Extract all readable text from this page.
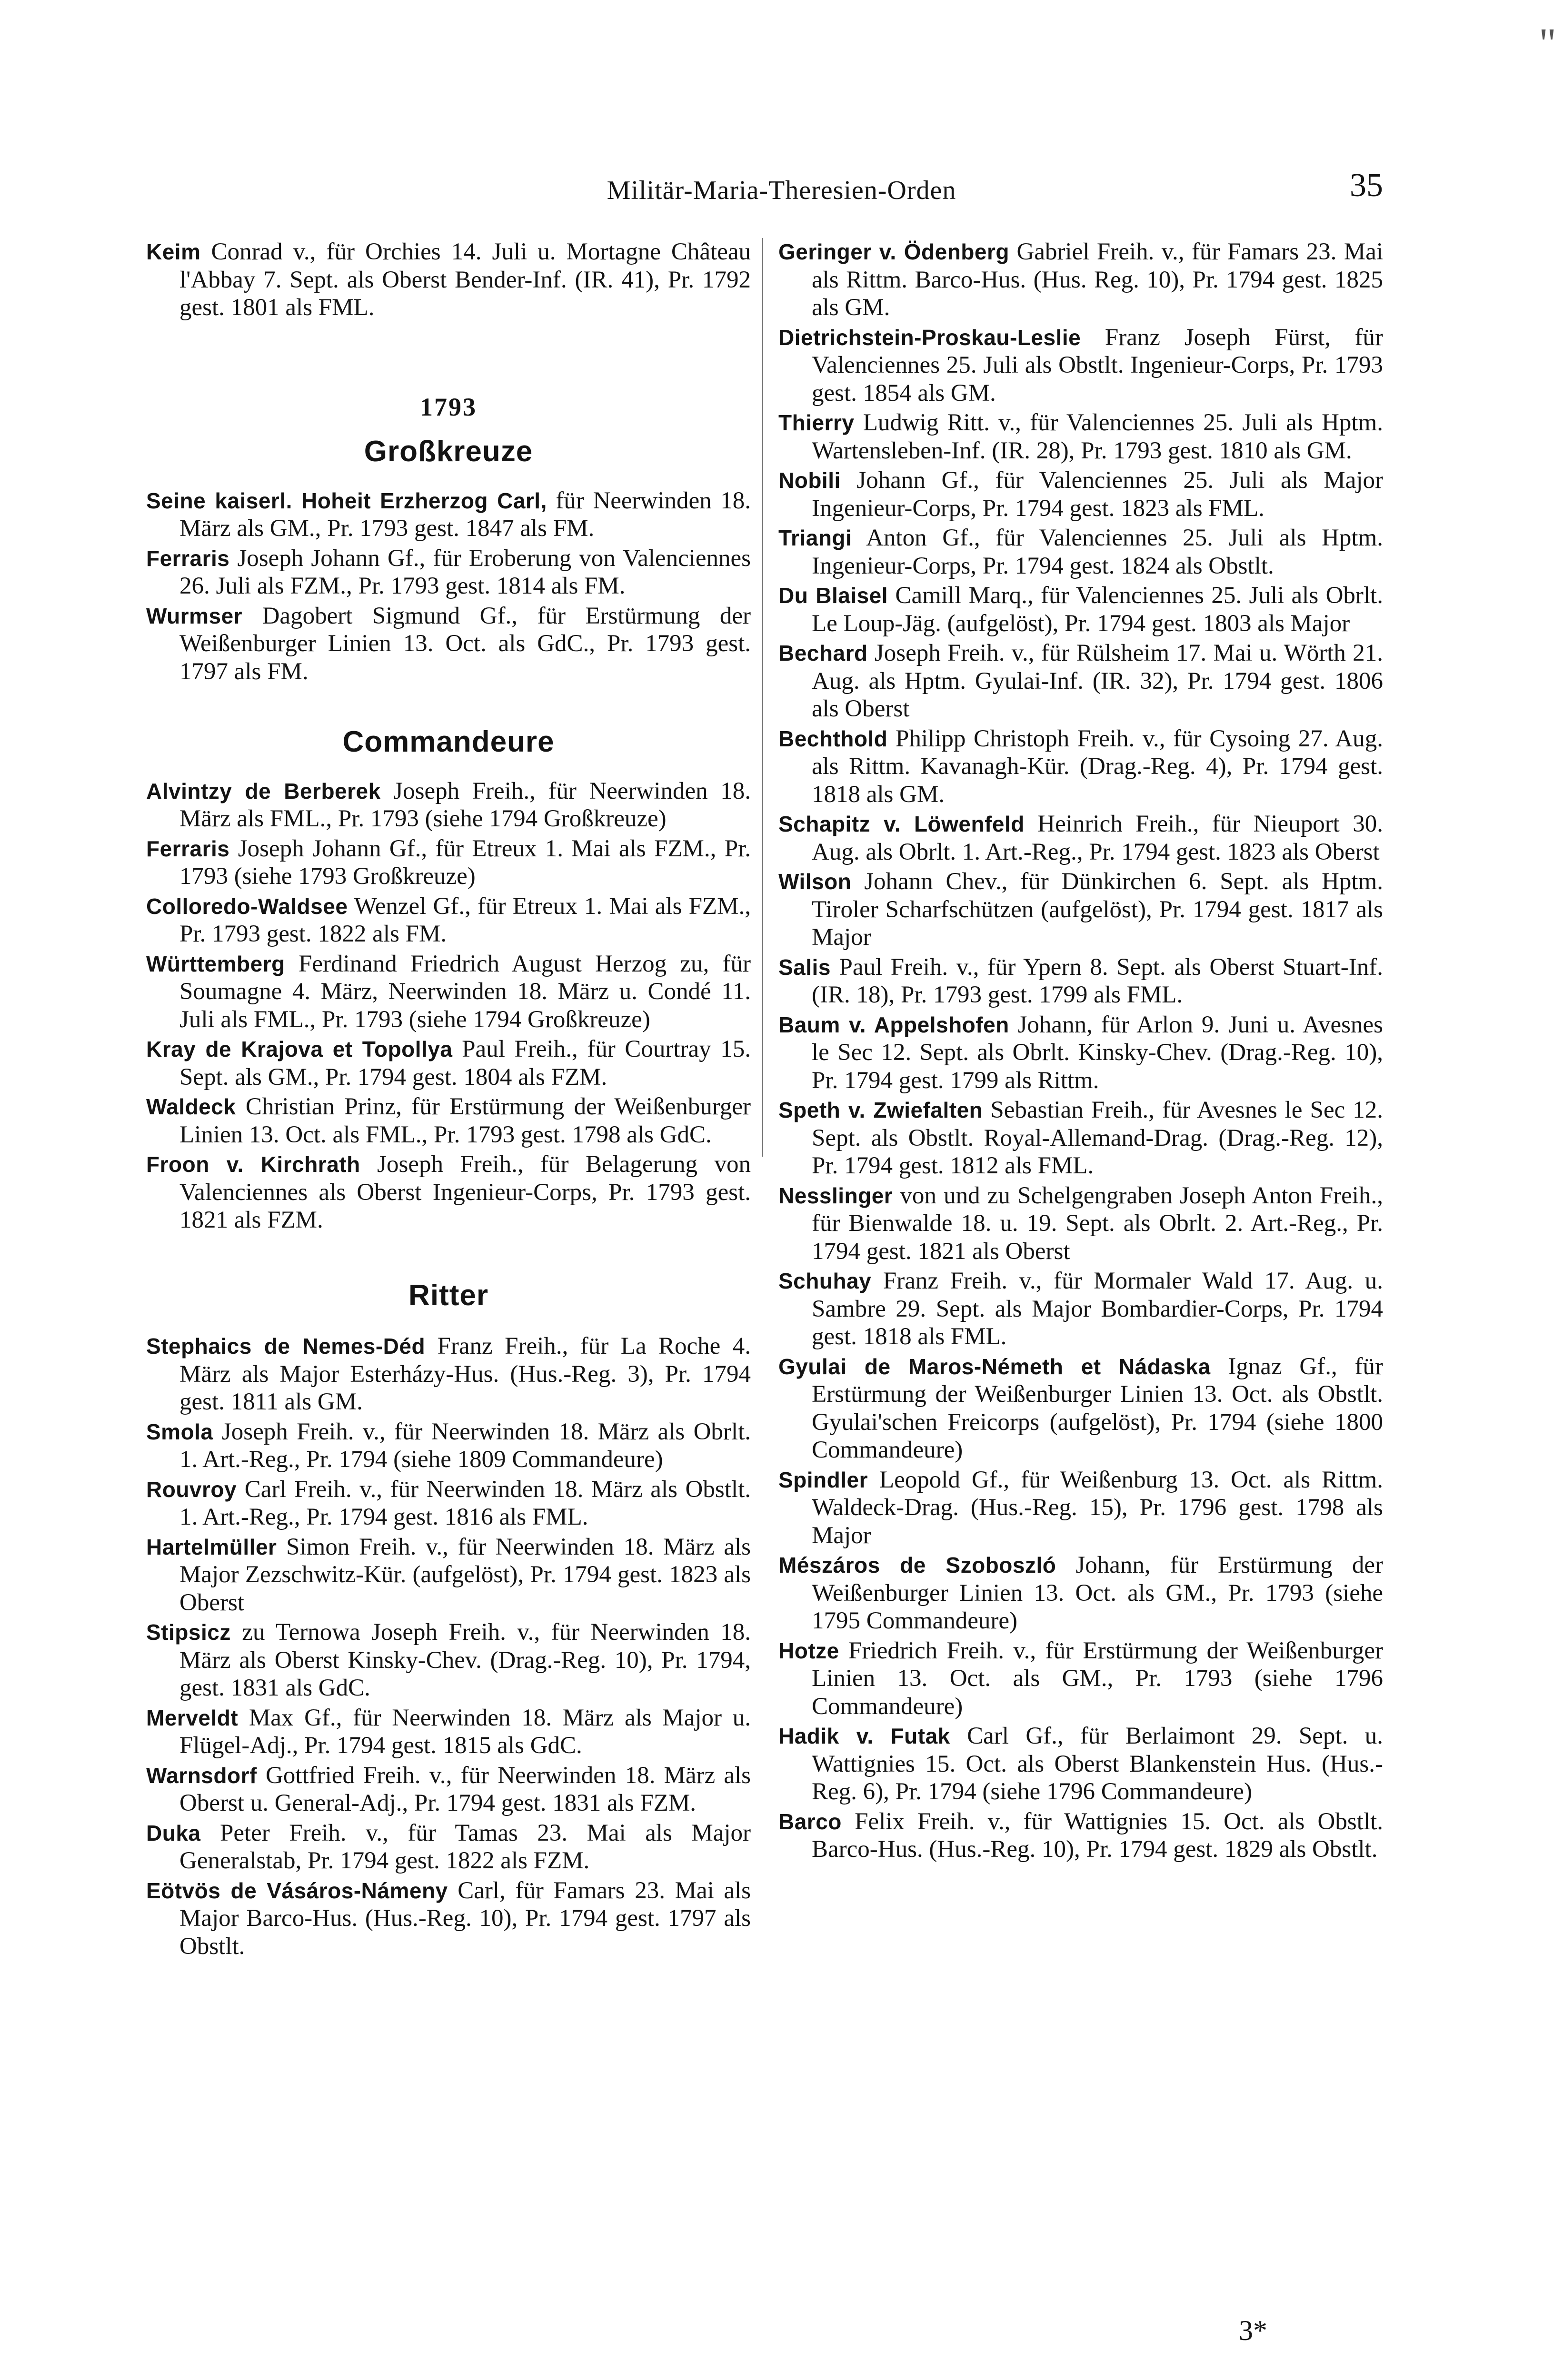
Militär-Maria-Theresien-Orden	35
"

Keim Conrad v., für Orchies 14. Juli u. Mortagne Château l'Abbay 7. Sept. als Oberst Bender-Inf. (IR. 41), Pr. 1792 gest. 1801 als FML.

1793
Großkreuze

Seine kaiserl. Hoheit Erzherzog Carl, für Neerwinden 18. März als GM., Pr. 1793 gest. 1847 als FM.

Ferraris Joseph Johann Gf., für Eroberung von Valenciennes 26. Juli als FZM., Pr. 1793 gest. 1814 als FM.

Wurmser Dagobert Sigmund Gf., für Erstürmung der Weißenburger Linien 13. Oct. als GdC., Pr. 1793 gest. 1797 als FM.

Commandeure

Alvintzy de Berberek Joseph Freih., für Neerwinden 18. März als FML., Pr. 1793 (siehe 1794 Großkreuze)

Ferraris Joseph Johann Gf., für Etreux 1. Mai als FZM., Pr. 1793 (siehe 1793 Großkreuze)

Colloredo-Waldsee Wenzel Gf., für Etreux 1. Mai als FZM., Pr. 1793 gest. 1822 als FM.

Württemberg Ferdinand Friedrich August Herzog zu, für Soumagne 4. März, Neerwinden 18. März u. Condé 11. Juli als FML., Pr. 1793 (siehe 1794 Großkreuze)

Kray de Krajova et Topollya Paul Freih., für Courtray 15. Sept. als GM., Pr. 1794 gest. 1804 als FZM.

Waldeck Christian Prinz, für Erstürmung der Weißenburger Linien 13. Oct. als FML., Pr. 1793 gest. 1798 als GdC.

Froon v. Kirchrath Joseph Freih., für Belagerung von Valenciennes als Oberst Ingenieur-Corps, Pr. 1793 gest. 1821 als FZM.

Ritter

Stephaics de Nemes-Déd Franz Freih., für La Roche 4. März als Major Esterházy-Hus. (Hus.-Reg. 3), Pr. 1794 gest. 1811 als GM.

Smola Joseph Freih. v., für Neerwinden 18. März als Obrlt. 1. Art.-Reg., Pr. 1794 (siehe 1809 Commandeure)

Rouvroy Carl Freih. v., für Neerwinden 18. März als Obstlt. 1. Art.-Reg., Pr. 1794 gest. 1816 als FML.

Hartelmüller Simon Freih. v., für Neerwinden 18. März als Major Zezschwitz-Kür. (aufgelöst), Pr. 1794 gest. 1823 als Oberst

Stipsicz zu Ternowa Joseph Freih. v., für Neerwinden 18. März als Oberst Kinsky-Chev. (Drag.-Reg. 10), Pr. 1794, gest. 1831 als GdC.

Merveldt Max Gf., für Neerwinden 18. März als Major u. Flügel-Adj., Pr. 1794 gest. 1815 als GdC.

Warnsdorf Gottfried Freih. v., für Neerwinden 18. März als Oberst u. General-Adj., Pr. 1794 gest. 1831 als FZM.

Duka Peter Freih. v., für Tamas 23. Mai als Major Generalstab, Pr. 1794 gest. 1822 als FZM.

Eötvös de Vásáros-Námeny Carl, für Famars 23. Mai als Major Barco-Hus. (Hus.-Reg. 10), Pr. 1794 gest. 1797 als Obstlt.

Geringer v. Ödenberg Gabriel Freih. v., für Famars 23. Mai als Rittm. Barco-Hus. (Hus. Reg. 10), Pr. 1794 gest. 1825 als GM.

Dietrichstein-Proskau-Leslie Franz Joseph Fürst, für Valenciennes 25. Juli als Obstlt. Ingenieur-Corps, Pr. 1793 gest. 1854 als GM.

Thierry Ludwig Ritt. v., für Valenciennes 25. Juli als Hptm. Wartensleben-Inf. (IR. 28), Pr. 1793 gest. 1810 als GM.

Nobili Johann Gf., für Valenciennes 25. Juli als Major Ingenieur-Corps, Pr. 1794 gest. 1823 als FML.

Triangi Anton Gf., für Valenciennes 25. Juli als Hptm. Ingenieur-Corps, Pr. 1794 gest. 1824 als Obstlt.

Du Blaisel Camill Marq., für Valenciennes 25. Juli als Obrlt. Le Loup-Jäg. (aufgelöst), Pr. 1794 gest. 1803 als Major

Bechard Joseph Freih. v., für Rülsheim 17. Mai u. Wörth 21. Aug. als Hptm. Gyulai-Inf. (IR. 32), Pr. 1794 gest. 1806 als Oberst

Bechthold Philipp Christoph Freih. v., für Cysoing 27. Aug. als Rittm. Kavanagh-Kür. (Drag.-Reg. 4), Pr. 1794 gest. 1818 als GM.

Schapitz v. Löwenfeld Heinrich Freih., für Nieuport 30. Aug. als Obrlt. 1. Art.-Reg., Pr. 1794 gest. 1823 als Oberst

Wilson Johann Chev., für Dünkirchen 6. Sept. als Hptm. Tiroler Scharfschützen (aufgelöst), Pr. 1794 gest. 1817 als Major

Salis Paul Freih. v., für Ypern 8. Sept. als Oberst Stuart-Inf. (IR. 18), Pr. 1793 gest. 1799 als FML.

Baum v. Appelshofen Johann, für Arlon 9. Juni u. Avesnes le Sec 12. Sept. als Obrlt. Kinsky-Chev. (Drag.-Reg. 10), Pr. 1794 gest. 1799 als Rittm.

Speth v. Zwiefalten Sebastian Freih., für Avesnes le Sec 12. Sept. als Obstlt. Royal-Allemand-Drag. (Drag.-Reg. 12), Pr. 1794 gest. 1812 als FML.

Nesslinger von und zu Schelgengraben Joseph Anton Freih., für Bienwalde 18. u. 19. Sept. als Obrlt. 2. Art.-Reg., Pr. 1794 gest. 1821 als Oberst

Schuhay Franz Freih. v., für Mormaler Wald 17. Aug. u. Sambre 29. Sept. als Major Bombardier-Corps, Pr. 1794 gest. 1818 als FML.

Gyulai de Maros-Németh et Nádaska Ignaz Gf., für Erstürmung der Weißenburger Linien 13. Oct. als Obstlt. Gyulai'schen Freicorps (aufgelöst), Pr. 1794 (siehe 1800 Commandeure)

Spindler Leopold Gf., für Weißenburg 13. Oct. als Rittm. Waldeck-Drag. (Hus.-Reg. 15), Pr. 1796 gest. 1798 als Major

Mészáros de Szoboszló Johann, für Erstürmung der Weißenburger Linien 13. Oct. als GM., Pr. 1793 (siehe 1795 Commandeure)

Hotze Friedrich Freih. v., für Erstürmung der Weißenburger Linien 13. Oct. als GM., Pr. 1793 (siehe 1796 Commandeure)

Hadik v. Futak Carl Gf., für Berlaimont 29. Sept. u. Wattignies 15. Oct. als Oberst Blankenstein Hus. (Hus.-Reg. 6), Pr. 1794 (siehe 1796 Commandeure)

Barco Felix Freih. v., für Wattignies 15. Oct. als Obstlt. Barco-Hus. (Hus.-Reg. 10), Pr. 1794 gest. 1829 als Obstlt.

3*
